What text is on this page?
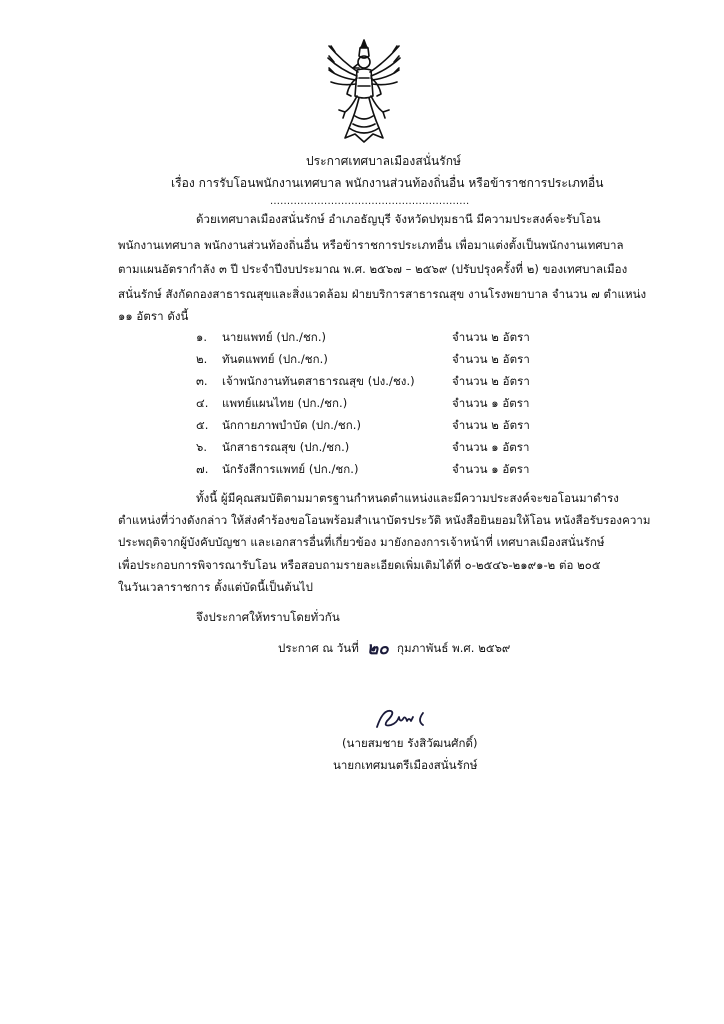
ประกาศเทศบาลเมืองสนั่นรักษ์
เรื่อง การรับโอนพนักงานเทศบาล พนักงานส่วนท้องถิ่นอื่น หรือข้าราชการประเภทอื่น
...........................................................
ด้วยเทศบาลเมืองสนั่นรักษ์ อำเภอธัญบุรี จังหวัดปทุมธานี มีความประสงค์จะรับโอน
พนักงานเทศบาล พนักงานส่วนท้องถิ่นอื่น หรือข้าราชการประเภทอื่น เพื่อมาแต่งตั้งเป็นพนักงานเทศบาล
ตามแผนอัตรากำลัง ๓ ปี ประจำปีงบประมาณ พ.ศ. ๒๕๖๗ – ๒๕๖๙ (ปรับปรุงครั้งที่ ๒) ของเทศบาลเมือง
สนั่นรักษ์ สังกัดกองสาธารณสุขและสิ่งแวดล้อม ฝ่ายบริการสาธารณสุข งานโรงพยาบาล จำนวน ๗ ตำแหน่ง
๑๑ อัตรา ดังนี้
๑. นายแพทย์ (ปก./ชก.)	จำนวน ๒ อัตรา
๒. ทันตแพทย์ (ปก./ชก.)	จำนวน ๒ อัตรา
๓. เจ้าพนักงานทันตสาธารณสุข (ปง./ชง.)	จำนวน ๒ อัตรา
๔. แพทย์แผนไทย (ปก./ชก.)	จำนวน ๑ อัตรา
๕. นักกายภาพบำบัด (ปก./ชก.)	จำนวน ๒ อัตรา
๖. นักสาธารณสุข (ปก./ชก.)	จำนวน ๑ อัตรา
๗. นักรังสีการแพทย์ (ปก./ชก.)	จำนวน ๑ อัตรา
ทั้งนี้ ผู้มีคุณสมบัติตามมาตรฐานกำหนดตำแหน่งและมีความประสงค์จะขอโอนมาดำรง
ตำแหน่งที่ว่างดังกล่าว ให้ส่งคำร้องขอโอนพร้อมสำเนาบัตรประวัติ หนังสือยินยอมให้โอน หนังสือรับรองความ
ประพฤติจากผู้บังคับบัญชา และเอกสารอื่นที่เกี่ยวข้อง มายังกองการเจ้าหน้าที่ เทศบาลเมืองสนั่นรักษ์
เพื่อประกอบการพิจารณารับโอน หรือสอบถามรายละเอียดเพิ่มเติมได้ที่ ๐-๒๕๔๖-๒๑๙๑-๒ ต่อ ๒๐๕
ในวันเวลาราชการ ตั้งแต่บัดนี้เป็นต้นไป
จึงประกาศให้ทราบโดยทั่วกัน
ประกาศ ณ วันที่ ๒๐ กุมภาพันธ์ พ.ศ. ๒๕๖๙
(นายสมชาย รังสิวัฒนศักดิ์)
นายกเทศมนตรีเมืองสนั่นรักษ์
